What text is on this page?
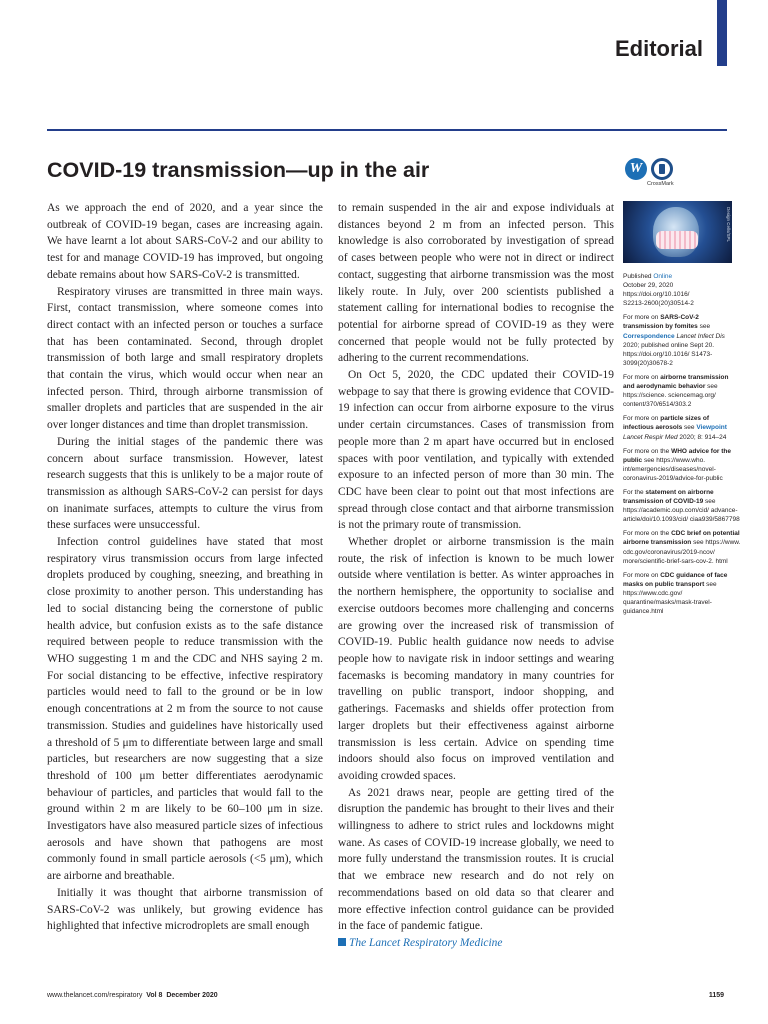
Editorial
COVID-19 transmission—up in the air	W
CrossMark

As we approach the end of 2020, and a year since the outbreak of COVID-19 began, cases are increasing again. We have learnt a lot about SARS-CoV-2 and our ability to test for and manage COVID-19 has improved, but ongoing debate remains about how SARS-CoV-2 is transmitted.

Respiratory viruses are transmitted in three main ways. First, contact transmission, where someone comes into direct contact with an infected person or touches a surface that has been contaminated. Second, through droplet transmission of both large and small respiratory droplets that contain the virus, which would occur when near an infected person. Third, through airborne transmission of smaller droplets and particles that are suspended in the air over longer distances and time than droplet transmission.

During the initial stages of the pandemic there was concern about surface transmission. However, latest research suggests that this is unlikely to be a major route of transmission as although SARS-CoV-2 can persist for days on inanimate surfaces, attempts to culture the virus from these surfaces were unsuccessful.

Infection control guidelines have stated that most respiratory virus transmission occurs from large infected droplets produced by coughing, sneezing, and breathing in close proximity to another person. This understanding has led to social distancing being the cornerstone of public health advice, but confusion exists as to the safe distance required between people to reduce transmission with the WHO suggesting 1 m and the CDC and NHS saying 2 m. For social distancing to be effective, infective respiratory particles would need to fall to the ground or be in low enough concentrations at 2 m from the source to not cause transmission. Studies and guidelines have historically used a threshold of 5 μm to differentiate between large and small particles, but researchers are now suggesting that a size threshold of 100 μm better differentiates aerodynamic behaviour of particles, and particles that would fall to the ground within 2 m are likely to be 60–100 μm in size. Investigators have also measured particle sizes of infectious aerosols and have shown that pathogens are most commonly found in small particle aerosols (<5 μm), which are airborne and breathable.

Initially it was thought that airborne transmission of SARS-CoV-2 was unlikely, but growing evidence has highlighted that infective microdroplets are small enough

to remain suspended in the air and expose individuals at distances beyond 2 m from an infected person. This knowledge is also corroborated by investigation of spread of cases between people who were not in direct or indirect contact, suggesting that airborne transmission was the most likely route. In July, over 200 scientists published a statement calling for international bodies to recognise the potential for airborne spread of COVID-19 as they were concerned that people would not be fully protected by adhering to the current recommendations.

On Oct 5, 2020, the CDC updated their COVID-19 webpage to say that there is growing evidence that COVID-19 infection can occur from airborne exposure to the virus under certain circumstances. Cases of transmission from people more than 2 m apart have occurred but in enclosed spaces with poor ventilation, and typically with extended exposure to an infected person of more than 30 min. The CDC have been clear to point out that most infections are spread through close contact and that airborne transmission is not the primary route of transmission.

Whether droplet or airborne transmission is the main route, the risk of infection is known to be much lower outside where ventilation is better. As winter approaches in the northern hemisphere, the opportunity to socialise and exercise outdoors becomes more challenging and concerns are growing over the increased risk of transmission of COVID-19. Public health guidance now needs to advise people how to navigate risk in indoor settings and wearing facemasks is becoming mandatory in many countries for travelling on public transport, indoor shopping, and gatherings. Facemasks and shields offer protection from larger droplets but their effectiveness against airborne transmission is less certain. Advice on spending time indoors should also focus on improved ventilation and avoiding crowded spaces.

As 2021 draws near, people are getting tired of the disruption the pandemic has brought to their lives and their willingness to adhere to strict rules and lockdowns might wane. As cases of COVID-19 increase globally, we need to more fully understand the transmission routes. It is crucial that we embrace new research and do not rely on recommendations based on old data so that clearer and more effective infection control guidance can be provided in the face of pandemic fatigue.

The Lancet Respiratory Medicine

Design Cells/SPL
Published Online
October 29, 2020
https://doi.org/10.1016/
S2213-2600(20)30514-2
For more on SARS-CoV-2 transmission by fomites see Correspondence Lancet Infect Dis 2020; published online Sept 20. https://doi.org/10.1016/ S1473-3099(20)30678-2
For more on airborne transmission and aerodynamic behavior see https://science. sciencemag.org/ content/370/6514/303.2
For more on particle sizes of infectious aerosols see Viewpoint Lancet Respir Med 2020; 8: 914–24
For more on the WHO advice for the public see https://www.who. int/emergencies/diseases/novel-coronavirus-2019/advice-for-public
For the statement on airborne transmission of COVID-19 see https://academic.oup.com/cid/ advance-article/doi/10.1093/cid/ ciaa939/5867798
For more on the CDC brief on potential airborne transmission see https://www. cdc.gov/coronavirus/2019-ncov/ more/scientific-brief-sars-cov-2. html
For more on CDC guidance of face masks on public transport see https://www.cdc.gov/ quarantine/masks/mask-travel-guidance.html
www.thelancet.com/respiratory Vol 8 December 2020	1159
